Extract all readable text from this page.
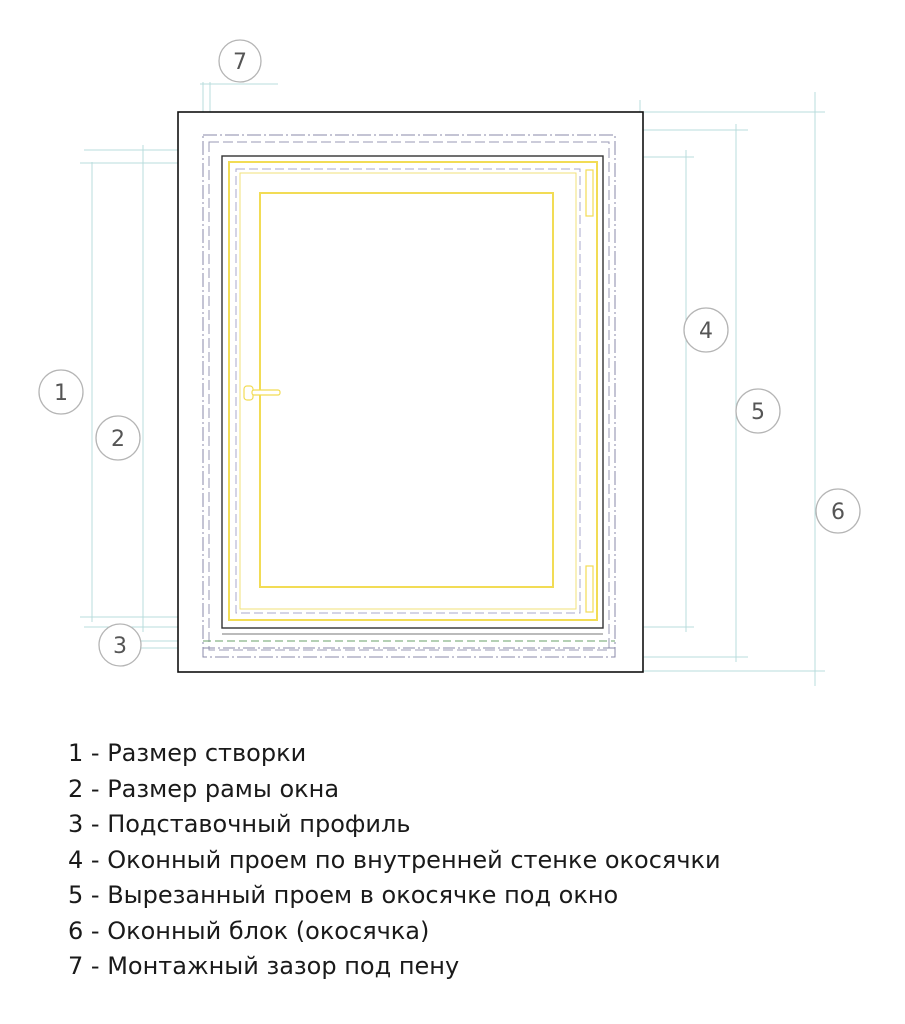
7
1
2
3
4
5
6
1 - Размер створки
2 - Размер рамы окна
3 - Подставочный профиль
4 - Оконный проем по внутренней стенке окосячки
5 - Вырезанный проем в окосячке под окно
6 - Оконный блок (окосячка)
7 - Монтажный зазор под пену
